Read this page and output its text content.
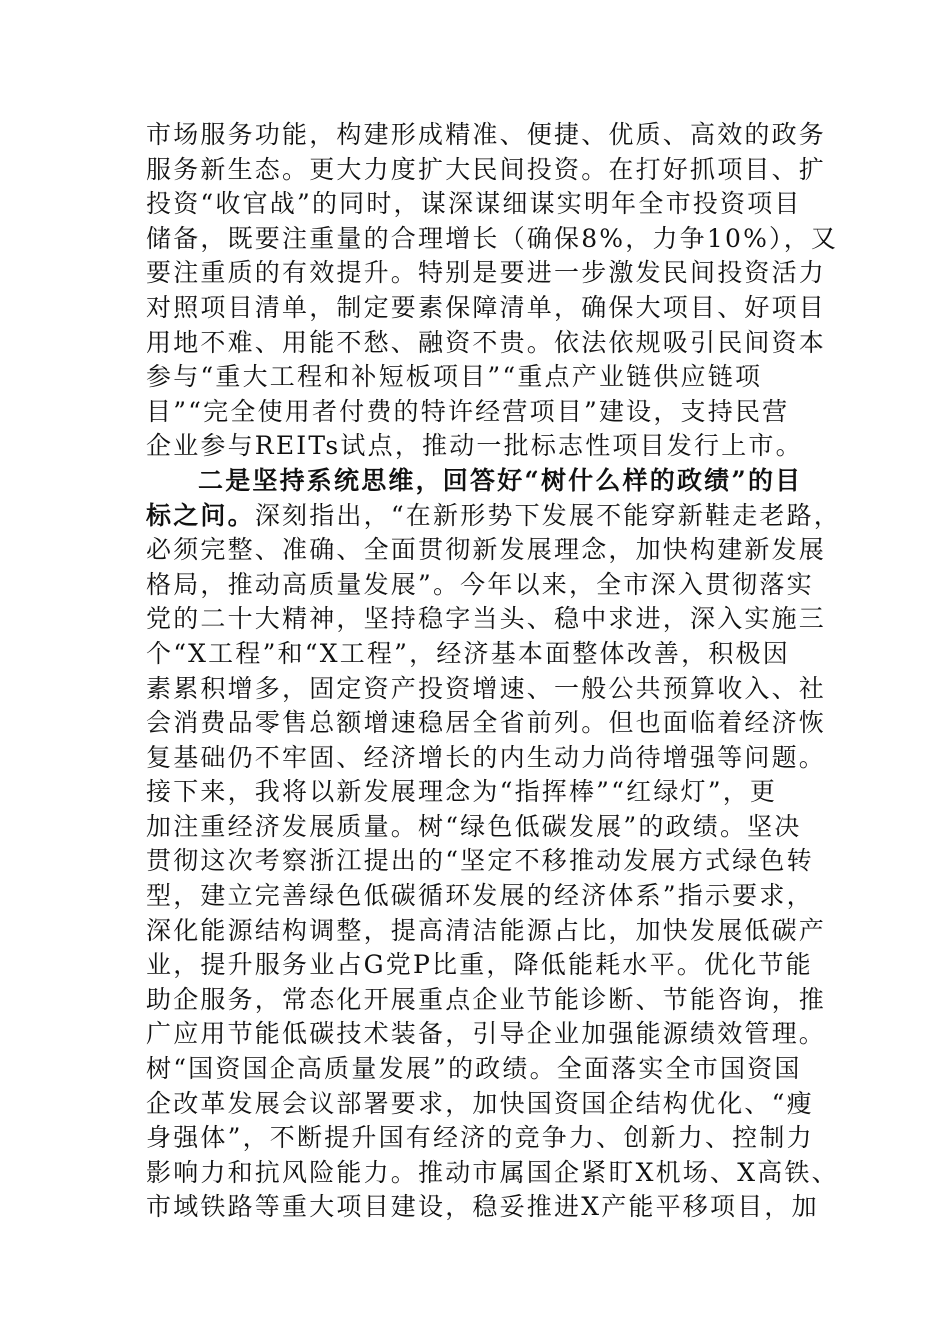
市场服务功能，构建形成精准、便捷、优质、高效的政务
服务新生态。更大力度扩大民间投资。在打好抓项目、扩
投资“收官战”的同时，谋深谋细谋实明年全市投资项目
储备，既要注重量的合理增长（确保8%，力争10%），又
要注重质的有效提升。特别是要进一步激发民间投资活力
对照项目清单，制定要素保障清单，确保大项目、好项目
用地不难、用能不愁、融资不贵。依法依规吸引民间资本
参与“重大工程和补短板项目”“重点产业链供应链项
目”“完全使用者付费的特许经营项目”建设，支持民营
企业参与REITs试点，推动一批标志性项目发行上市。
二是坚持系统思维，回答好“树什么样的政绩”的目
标之问。深刻指出，“在新形势下发展不能穿新鞋走老路，
必须完整、准确、全面贯彻新发展理念，加快构建新发展
格局，推动高质量发展”。今年以来，全市深入贯彻落实
党的二十大精神，坚持稳字当头、稳中求进，深入实施三
个“X工程”和“X工程”，经济基本面整体改善，积极因
素累积增多，固定资产投资增速、一般公共预算收入、社
会消费品零售总额增速稳居全省前列。但也面临着经济恢
复基础仍不牢固、经济增长的内生动力尚待增强等问题。
接下来，我将以新发展理念为“指挥棒”“红绿灯”，更
加注重经济发展质量。树“绿色低碳发展”的政绩。坚决
贯彻这次考察浙江提出的“坚定不移推动发展方式绿色转
型，建立完善绿色低碳循环发展的经济体系”指示要求，
深化能源结构调整，提高清洁能源占比，加快发展低碳产
业，提升服务业占G党P比重，降低能耗水平。优化节能
助企服务，常态化开展重点企业节能诊断、节能咨询，推
广应用节能低碳技术装备，引导企业加强能源绩效管理。
树“国资国企高质量发展”的政绩。全面落实全市国资国
企改革发展会议部署要求，加快国资国企结构优化、“瘦
身强体”，不断提升国有经济的竞争力、创新力、控制力
影响力和抗风险能力。推动市属国企紧盯X机场、X高铁、
市域铁路等重大项目建设，稳妥推进X产能平移项目，加
